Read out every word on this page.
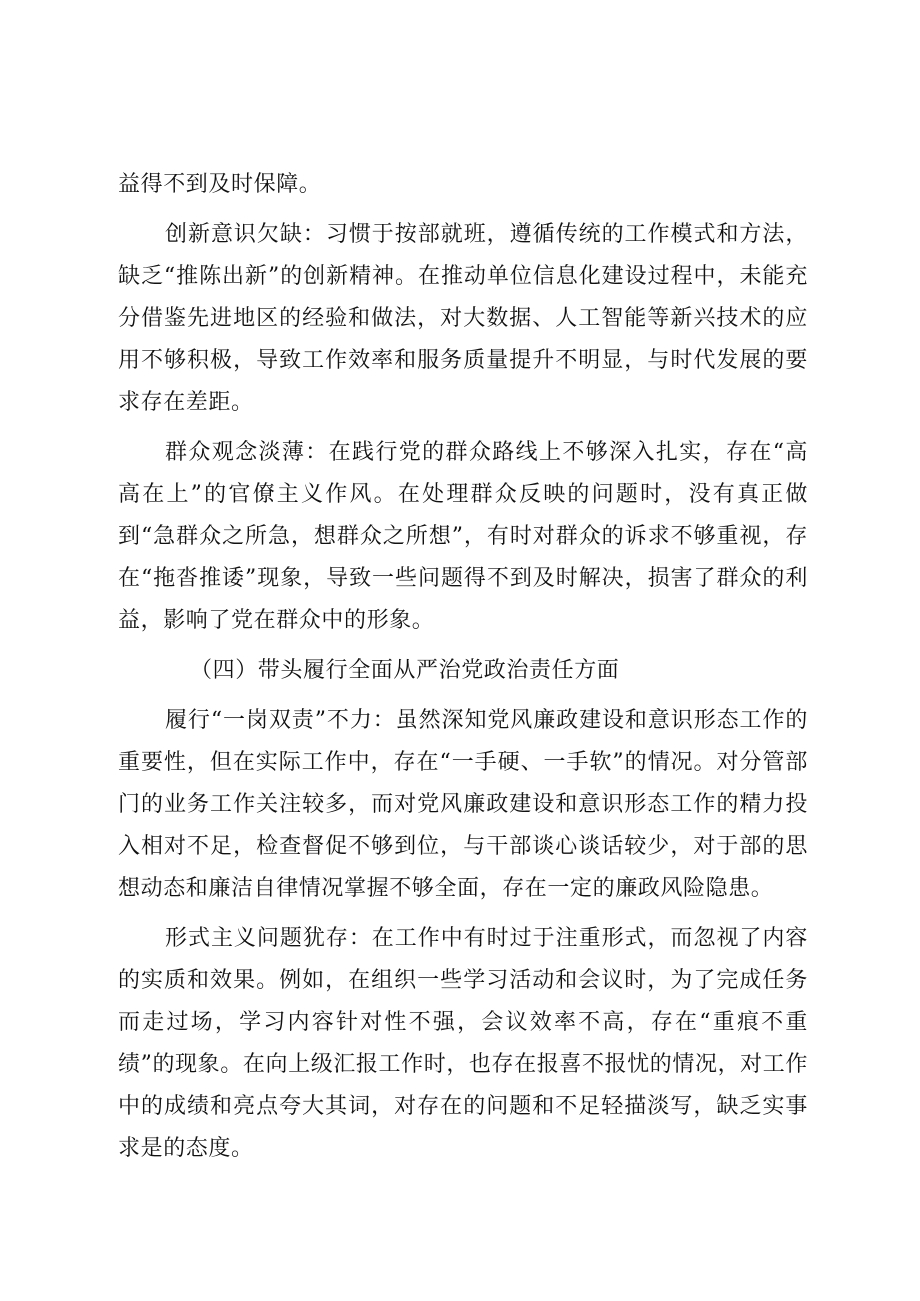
益得不到及时保障。

创新意识欠缺：习惯于按部就班，遵循传统的工作模式和方法，缺乏“推陈出新”的创新精神。在推动单位信息化建设过程中，未能充分借鉴先进地区的经验和做法，对大数据、人工智能等新兴技术的应用不够积极，导致工作效率和服务质量提升不明显，与时代发展的要求存在差距。

群众观念淡薄：在践行党的群众路线上不够深入扎实，存在“高高在上”的官僚主义作风。在处理群众反映的问题时，没有真正做到“急群众之所急，想群众之所想”，有时对群众的诉求不够重视，存在“拖沓推诿”现象，导致一些问题得不到及时解决，损害了群众的利益，影响了党在群众中的形象。

（四）带头履行全面从严治党政治责任方面

履行“一岗双责”不力：虽然深知党风廉政建设和意识形态工作的重要性，但在实际工作中，存在“一手硬、一手软”的情况。对分管部门的业务工作关注较多，而对党风廉政建设和意识形态工作的精力投入相对不足，检查督促不够到位，与干部谈心谈话较少，对于部的思想动态和廉洁自律情况掌握不够全面，存在一定的廉政风险隐患。

形式主义问题犹存：在工作中有时过于注重形式，而忽视了内容的实质和效果。例如，在组织一些学习活动和会议时，为了完成任务而走过场，学习内容针对性不强，会议效率不高，存在“重痕不重绩”的现象。在向上级汇报工作时，也存在报喜不报忧的情况，对工作中的成绩和亮点夸大其词，对存在的问题和不足轻描淡写，缺乏实事求是的态度。
